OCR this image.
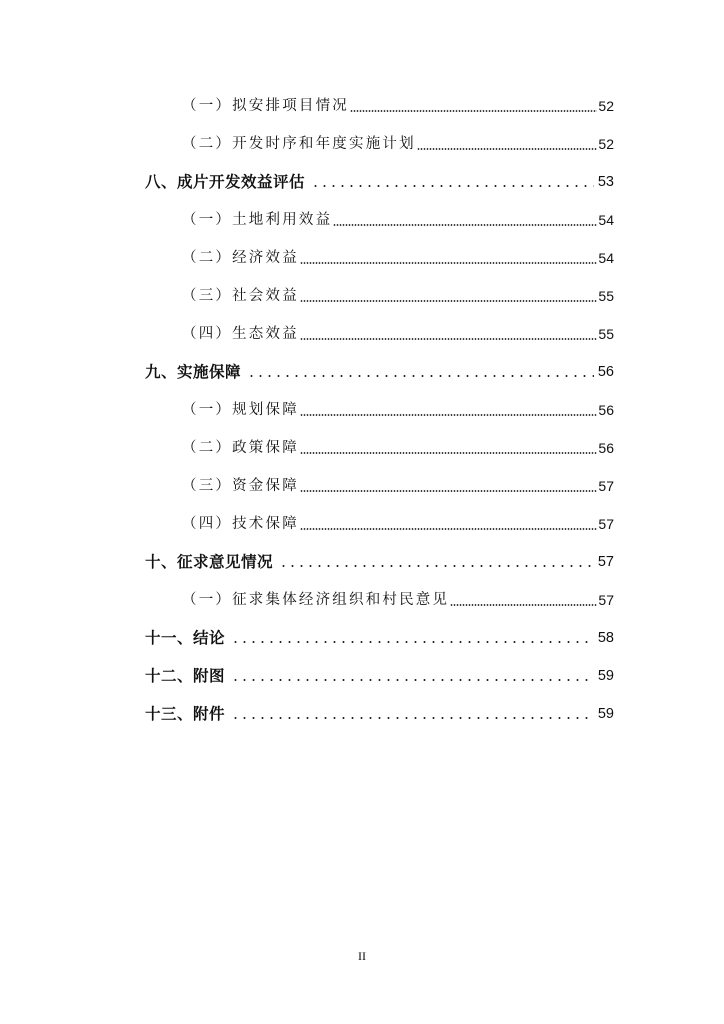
（一）拟安排项目情况	52
（二）开发时序和年度实施计划	52
八、成片开发效益评估	53
（一）土地利用效益	54
（二）经济效益	54
（三）社会效益	55
（四）生态效益	55
九、实施保障	56
（一）规划保障	56
（二）政策保障	56
（三）资金保障	57
（四）技术保障	57
十、征求意见情况	57
（一）征求集体经济组织和村民意见	57
十一、结论	58
十二、附图	59
十三、附件	59
II
